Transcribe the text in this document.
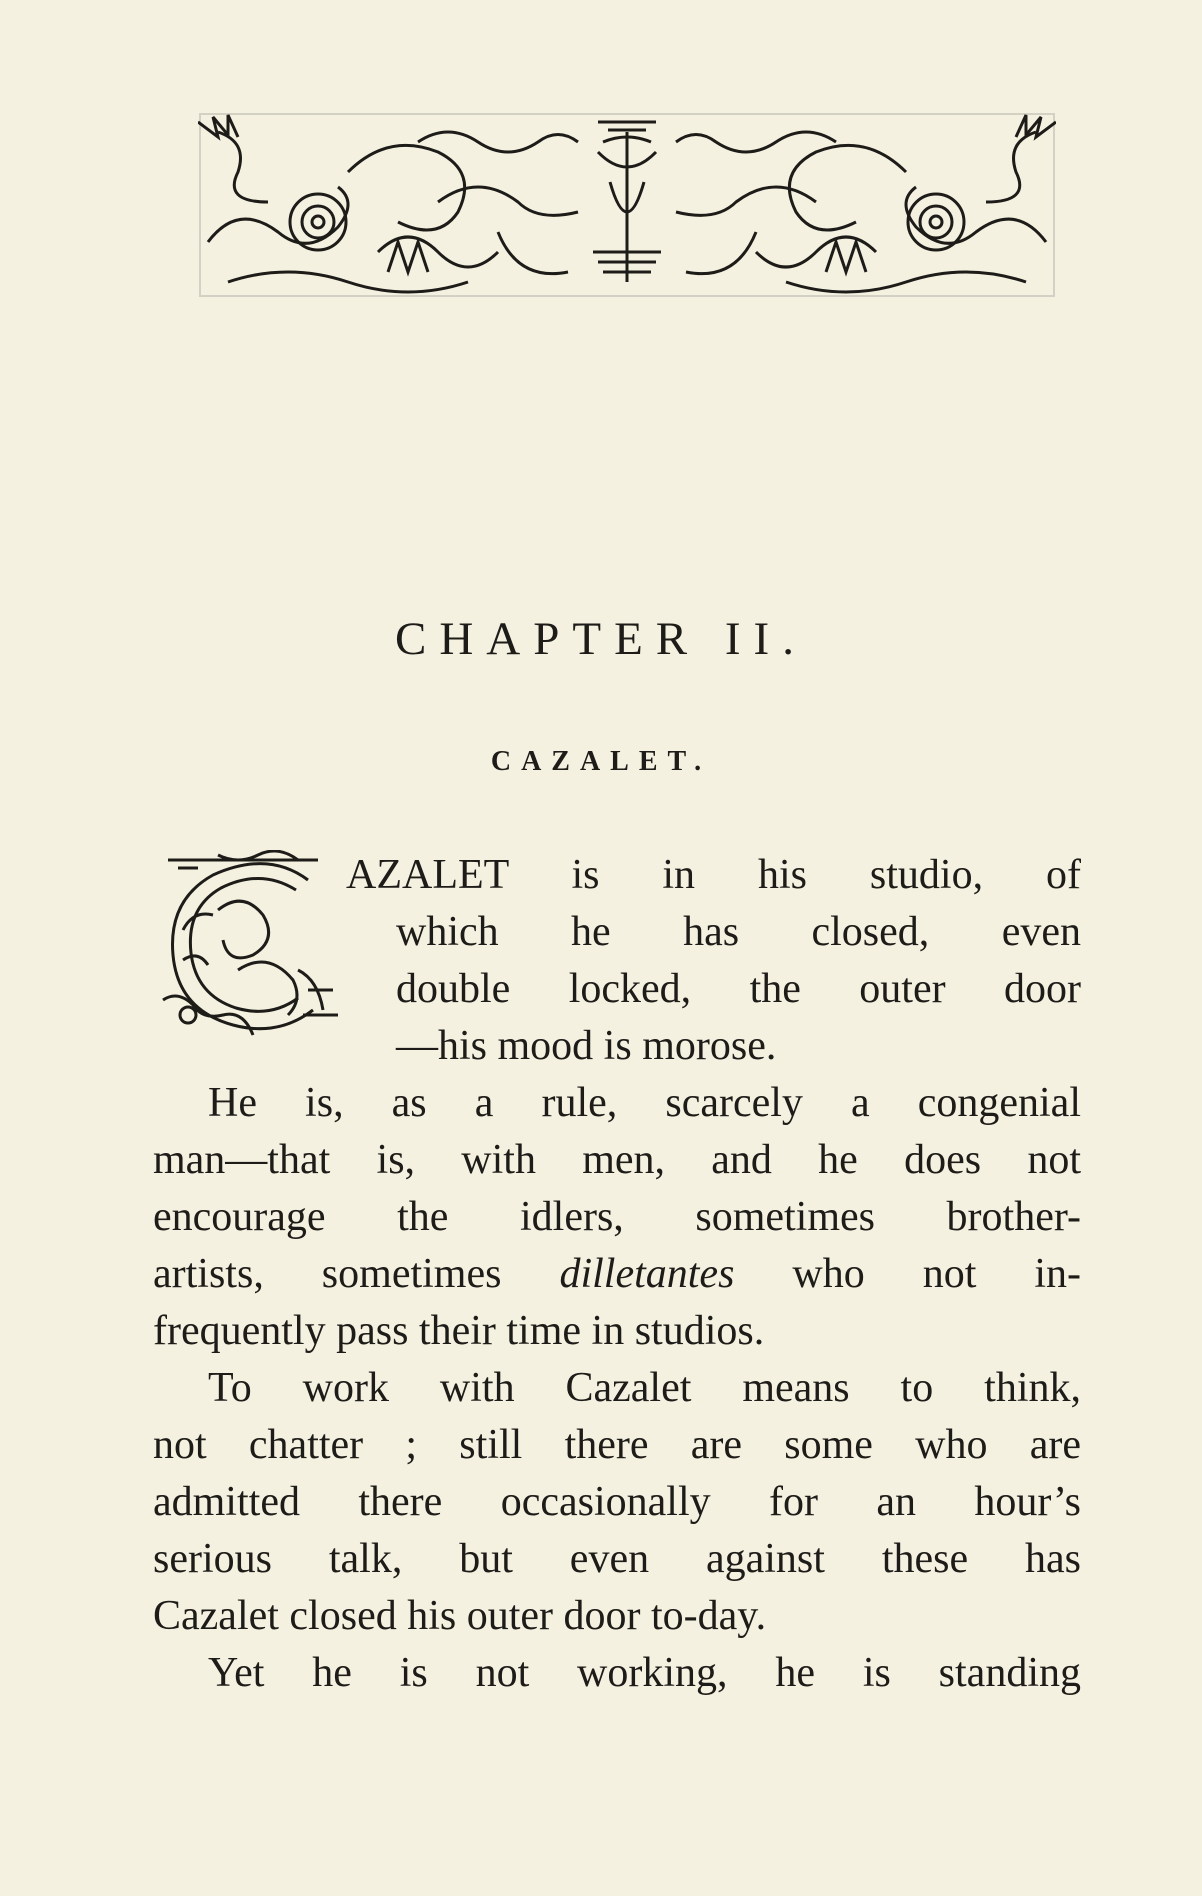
CHAPTER II.
CAZALET.

AZALET is in his studio, of

which he has closed, even

double locked, the outer door

—his mood is morose.

He is, as a rule, scarcely a congenial

man—that is, with men, and he does not

encourage the idlers, sometimes brother-

artists, sometimes dilletantes who not in-

frequently pass their time in studios.

To work with Cazalet means to think,

not chatter ; still there are some who are

admitted there occasionally for an hour’s

serious talk, but even against these has

Cazalet closed his outer door to-day.

Yet he is not working, he is standing
